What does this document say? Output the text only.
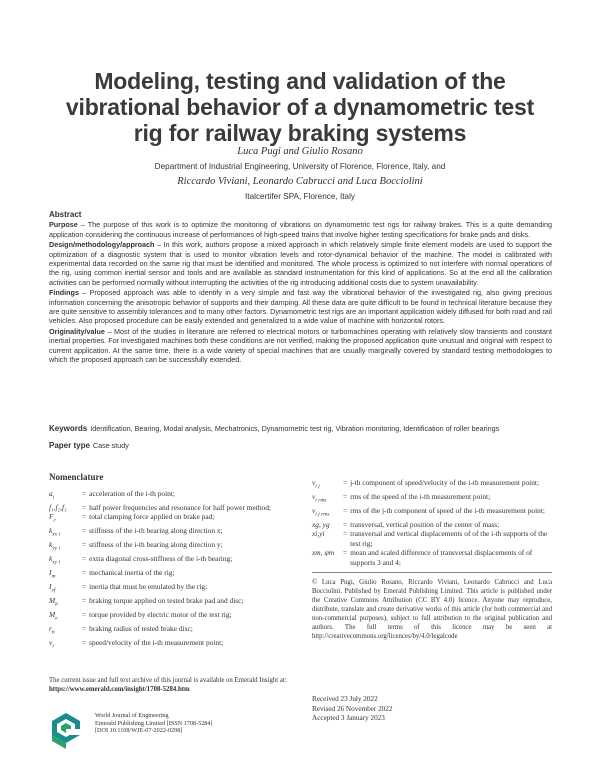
Modeling, testing and validation of the
vibrational behavior of a dynamometric test
rig for railway braking systems
Luca Pugi and Giulio Rosano
Department of Industrial Engineering, University of Florence, Florence, Italy, and
Riccardo Viviani, Leonardo Cabrucci and Luca Bocciolini
Italcertifer SPA, Florence, Italy
Abstract

Purpose – The purpose of this work is to optimize the monitoring of vibrations on dynamometric test rigs for railway brakes. This is a quite demanding application considering the continuous increase of performances of high-speed trains that involve higher testing specifications for brake pads and disks.

Design/methodology/approach – In this work, authors propose a mixed approach in which relatively simple finite element models are used to support the optimization of a diagnostic system that is used to monitor vibration levels and rotor-dynamical behavior of the machine. The model is calibrated with experimental data recorded on the same rig that must be identified and monitored. The whole process is optimized to not interfere with normal operations of the rig, using common inertial sensor and tools and are available as standard instrumentation for this kind of applications. So at the end all the calibration activities can be performed normally without interrupting the activities of the rig introducing additional costs due to system unavailability.

Findings – Proposed approach was able to identify in a very simple and fast way the vibrational behavior of the investigated rig, also giving precious information concerning the anisotropic behavior of supports and their damping. All these data are quite difficult to be found in technical literature because they are quite sensitive to assembly tolerances and to many other factors. Dynamometric test rigs are an important application widely diffused for both road and rail vehicles. Also proposed procedure can be easily extended and generalized to a wide value of machine with horizontal rotors.

Originality/value – Most of the studies in literature are referred to electrical motors or turbomachines operating with relatively slow transients and constant inertial properties. For investigated machines both these conditions are not verified, making the proposed application quite unusual and original with respect to current application. At the same time, there is a wide variety of special machines that are usually marginally covered by standard testing methodologies to which the proposed approach can be successfully extended.

Keywords Identification, Bearing, Modal analysis, Mechatronics, Dynamometric test rig, Vibration monitoring, Identification of roller bearings
Paper type Case study
Nomenclature
$a_i$	= acceleration of the i-th point;
f₁,f₂,f₃	= half power frequencies and resonance for half power method;
$F_c$	= total clamping force applied on brake pad;
$k_{xx i}$	= stiffness of the i-th bearing along direction x;
$k_{yy i}$	= stiffness of the i-th bearing along direction y;
$k_{xy i}$	= extra diagonal cross-stiffness of the i-th bearing;
$I_m$	= mechanical inertia of the rig;
$I_{ef}$	= inertia that must be emulated by the rig;
$M_b$	= braking torque applied on tested brake pad and disc;
$M_e$	= torque provided by electric motor of the test rig;
$r_b$	= braking radius of tested brake disc;
$v_i$	= speed/velocity of the i-th measurement point;
$v_{i j}$	= j-th component of speed/velocity of the i-th measurement point;
$v_{i rms}$	= rms of the speed of the i-th measurement point;
$v_{i j rms}$	= rms of the j-th component of speed of the i-th measurement point;
xg, yg	= transversal, vertical position of the center of mass;
xi,yi	= transversal and vertical displacements of of the i-th supports of the test rig;
xm, ψm	= mean and scaled difference of transversal displacements of of supports 3 and 4;
© Luca Pugi, Giulio Rosano, Riccardo Viviani, Leonardo Cabrucci and Luca Bocciolini. Published by Emerald Publishing Limited. This article is published under the Creative Commons Attribution (CC BY 4.0) licence. Anyone may reproduce, distribute, translate and create derivative works of this article (for both commercial and non-commercial purposes), subject to full attribution to the original publication and authors. The full terms of this licence may be seen at http://creativecommons.org/licences/by/4.0/legalcode
Received 23 July 2022
Revised 26 November 2022
Accepted 3 January 2023
The current issue and full text archive of this journal is available on Emerald Insight at: https://www.emerald.com/insight/1708-5284.htm
World Journal of Engineering
Emerald Publishing Limited [ISSN 1708-5284]
[DOI 10.1108/WJE-07-2022-0298]
